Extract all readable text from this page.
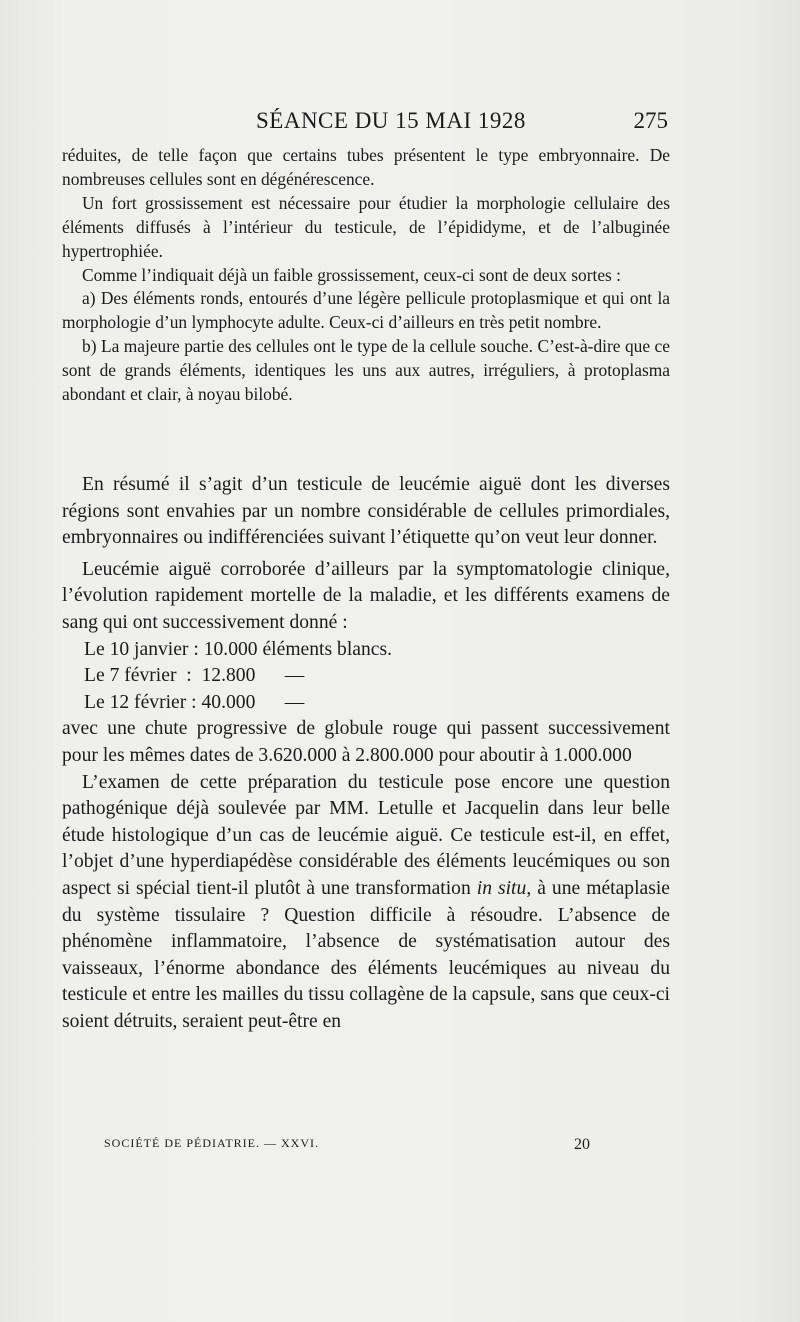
SÉANCE DU 15 MAI 1928	275

réduites, de telle façon que certains tubes présentent le type embryonnaire. De nombreuses cellules sont en dégénérescence.

Un fort grossissement est nécessaire pour étudier la morphologie cellulaire des éléments diffusés à l’intérieur du testicule, de l’épididyme, et de l’albuginée hypertrophiée.

Comme l’indiquait déjà un faible grossissement, ceux-ci sont de deux sortes :

a) Des éléments ronds, entourés d’une légère pellicule protoplasmique et qui ont la morphologie d’un lymphocyte adulte. Ceux-ci d’ailleurs en très petit nombre.

b) La majeure partie des cellules ont le type de la cellule souche. C’est-à-dire que ce sont de grands éléments, identiques les uns aux autres, irréguliers, à protoplasma abondant et clair, à noyau bilobé.

En résumé il s’agit d’un testicule de leucémie aiguë dont les diverses régions sont envahies par un nombre considérable de cellules primordiales, embryonnaires ou indifférenciées suivant l’étiquette qu’on veut leur donner.

Leucémie aiguë corroborée d’ailleurs par la symptomatologie clinique, l’évolution rapidement mortelle de la maladie, et les différents examens de sang qui ont successivement donné :

Le 10 janvier : 10.000 éléments blancs.
Le 7 février  :  12.800      —
Le 12 février : 40.000      —

avec une chute progressive de globule rouge qui passent successivement pour les mêmes dates de 3.620.000 à 2.800.000 pour aboutir à 1.000.000

L’examen de cette préparation du testicule pose encore une question pathogénique déjà soulevée par MM. Letulle et Jacquelin dans leur belle étude histologique d’un cas de leucémie aiguë. Ce testicule est-il, en effet, l’objet d’une hyperdiapédèse considérable des éléments leucémiques ou son aspect si spécial tient-il plutôt à une transformation in situ, à une métaplasie du système tissulaire ? Question difficile à résoudre. L’absence de phénomène inflammatoire, l’absence de systématisation autour des vaisseaux, l’énorme abondance des éléments leucémiques au niveau du testicule et entre les mailles du tissu collagène de la capsule, sans que ceux-ci soient détruits, seraient peut-être en

SOCIÉTÉ DE PÉDIATRIE. — XXVI.	20
